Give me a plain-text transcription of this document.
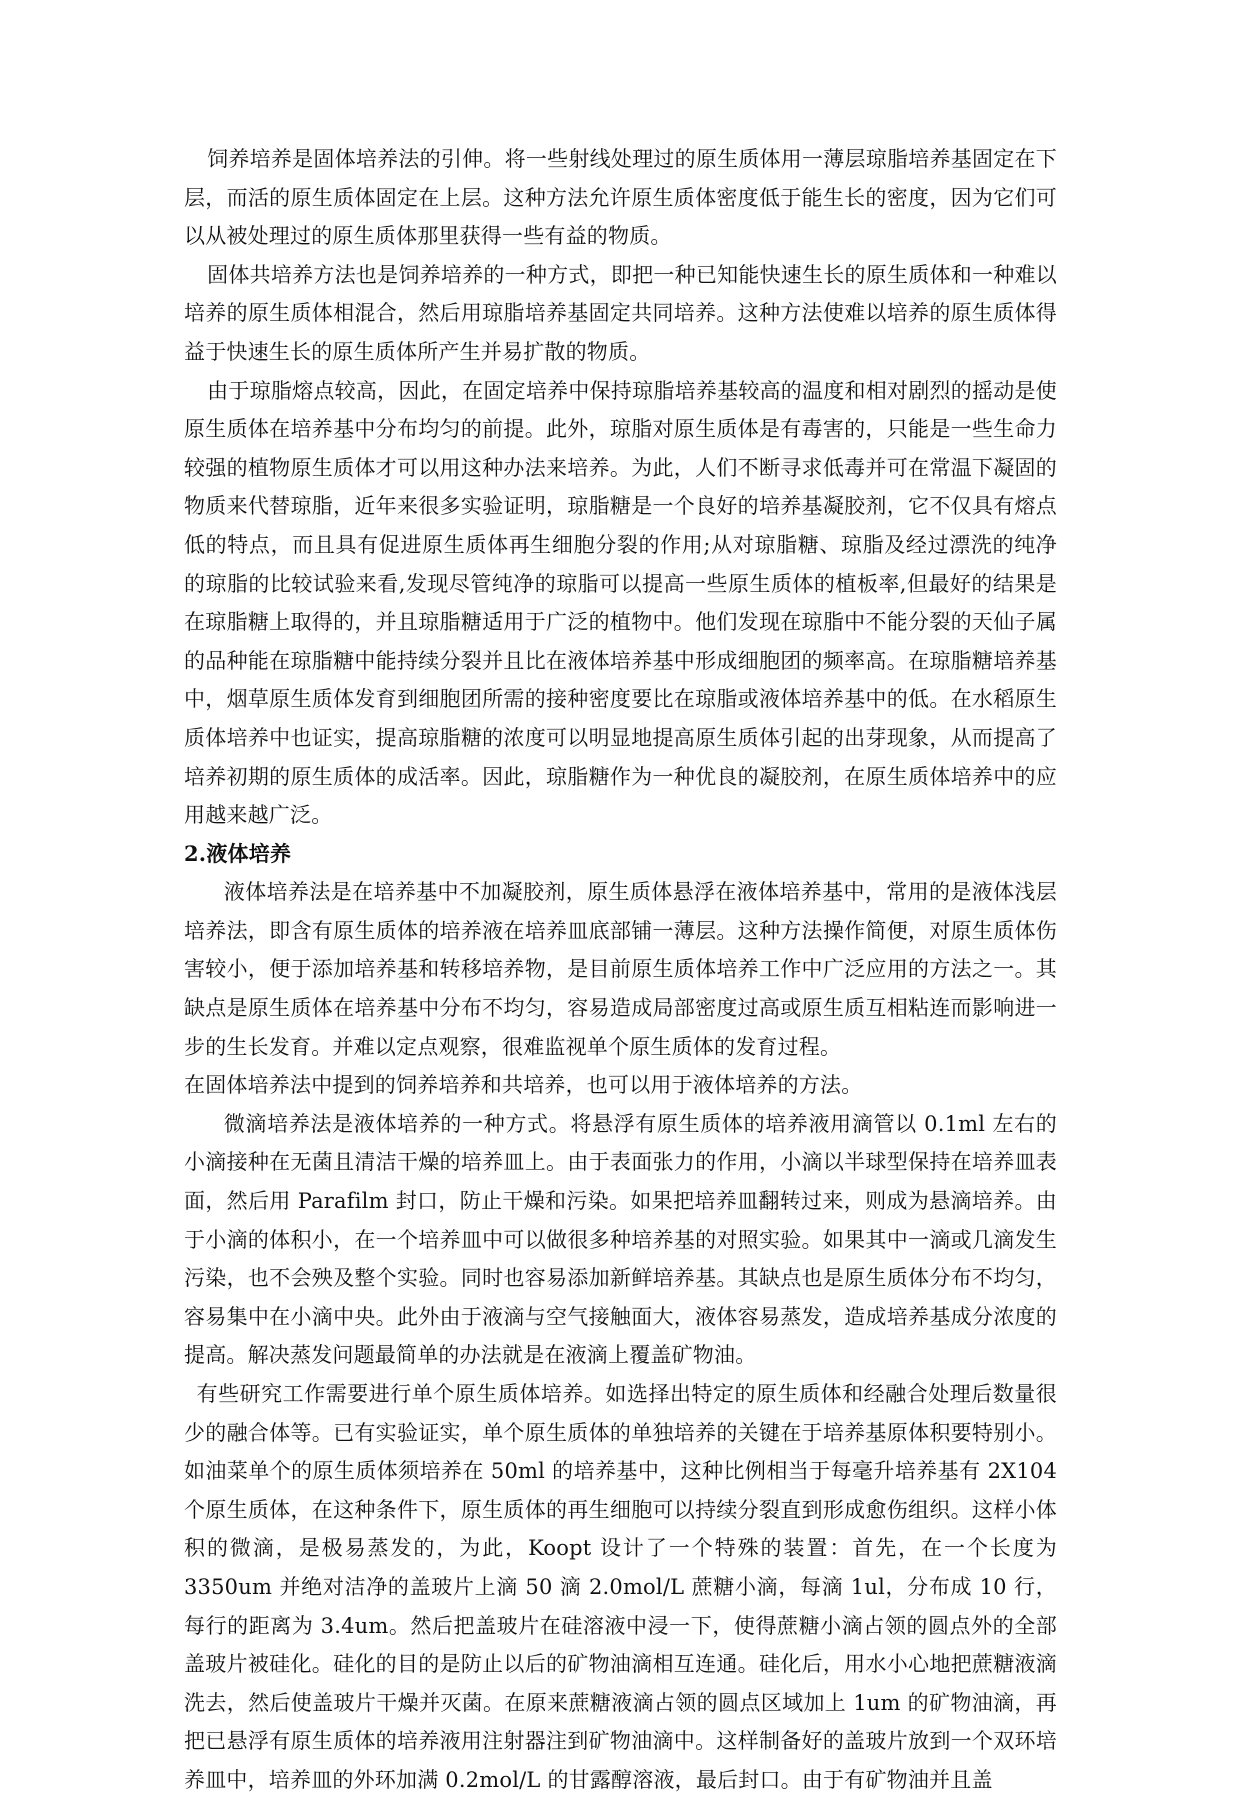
饲养培养是固体培养法的引伸。将一些射线处理过的原生质体用一薄层琼脂培养基固定在下层，而活的原生质体固定在上层。这种方法允许原生质体密度低于能生长的密度，因为它们可以从被处理过的原生质体那里获得一些有益的物质。

固体共培养方法也是饲养培养的一种方式，即把一种已知能快速生长的原生质体和一种难以培养的原生质体相混合，然后用琼脂培养基固定共同培养。这种方法使难以培养的原生质体得益于快速生长的原生质体所产生并易扩散的物质。

由于琼脂熔点较高，因此，在固定培养中保持琼脂培养基较高的温度和相对剧烈的摇动是使原生质体在培养基中分布均匀的前提。此外，琼脂对原生质体是有毒害的，只能是一些生命力较强的植物原生质体才可以用这种办法来培养。为此，人们不断寻求低毒并可在常温下凝固的物质来代替琼脂，近年来很多实验证明，琼脂糖是一个良好的培养基凝胶剂，它不仅具有熔点低的特点，而且具有促进原生质体再生细胞分裂的作用;从对琼脂糖、琼脂及经过漂洗的纯净的琼脂的比较试验来看,发现尽管纯净的琼脂可以提高一些原生质体的植板率,但最好的结果是在琼脂糖上取得的，并且琼脂糖适用于广泛的植物中。他们发现在琼脂中不能分裂的天仙子属的品种能在琼脂糖中能持续分裂并且比在液体培养基中形成细胞团的频率高。在琼脂糖培养基中，烟草原生质体发育到细胞团所需的接种密度要比在琼脂或液体培养基中的低。在水稻原生质体培养中也证实，提高琼脂糖的浓度可以明显地提高原生质体引起的出芽现象，从而提高了培养初期的原生质体的成活率。因此，琼脂糖作为一种优良的凝胶剂，在原生质体培养中的应用越来越广泛。

2.液体培养

液体培养法是在培养基中不加凝胶剂，原生质体悬浮在液体培养基中，常用的是液体浅层培养法，即含有原生质体的培养液在培养皿底部铺一薄层。这种方法操作简便，对原生质体伤害较小，便于添加培养基和转移培养物，是目前原生质体培养工作中广泛应用的方法之一。其缺点是原生质体在培养基中分布不均匀，容易造成局部密度过高或原生质互相粘连而影响进一步的生长发育。并难以定点观察，很难监视单个原生质体的发育过程。

在固体培养法中提到的饲养培养和共培养，也可以用于液体培养的方法。

微滴培养法是液体培养的一种方式。将悬浮有原生质体的培养液用滴管以 0.1ml 左右的小滴接种在无菌且清洁干燥的培养皿上。由于表面张力的作用，小滴以半球型保持在培养皿表面，然后用 Parafilm 封口，防止干燥和污染。如果把培养皿翻转过来，则成为悬滴培养。由于小滴的体积小，在一个培养皿中可以做很多种培养基的对照实验。如果其中一滴或几滴发生污染，也不会殃及整个实验。同时也容易添加新鲜培养基。其缺点也是原生质体分布不均匀，容易集中在小滴中央。此外由于液滴与空气接触面大，液体容易蒸发，造成培养基成分浓度的提高。解决蒸发问题最简单的办法就是在液滴上覆盖矿物油。

有些研究工作需要进行单个原生质体培养。如选择出特定的原生质体和经融合处理后数量很少的融合体等。已有实验证实，单个原生质体的单独培养的关键在于培养基原体积要特别小。如油菜单个的原生质体须培养在 50ml 的培养基中，这种比例相当于每毫升培养基有 2X104 个原生质体，在这种条件下，原生质体的再生细胞可以持续分裂直到形成愈伤组织。这样小体积的微滴，是极易蒸发的，为此，Koopt 设计了一个特殊的装置：首先，在一个长度为 3350um 并绝对洁净的盖玻片上滴 50 滴 2.0mol/L 蔗糖小滴，每滴 1ul，分布成 10 行，每行的距离为 3.4um。然后把盖玻片在硅溶液中浸一下，使得蔗糖小滴占领的圆点外的全部盖玻片被硅化。硅化的目的是防止以后的矿物油滴相互连通。硅化后，用水小心地把蔗糖液滴洗去，然后使盖玻片干燥并灭菌。在原来蔗糖液滴占领的圆点区域加上 1um 的矿物油滴，再把已悬浮有原生质体的培养液用注射器注到矿物油滴中。这样制备好的盖玻片放到一个双环培养皿中，培养皿的外环加满 0.2mol/L 的甘露醇溶液，最后封口。由于有矿物油并且盖
